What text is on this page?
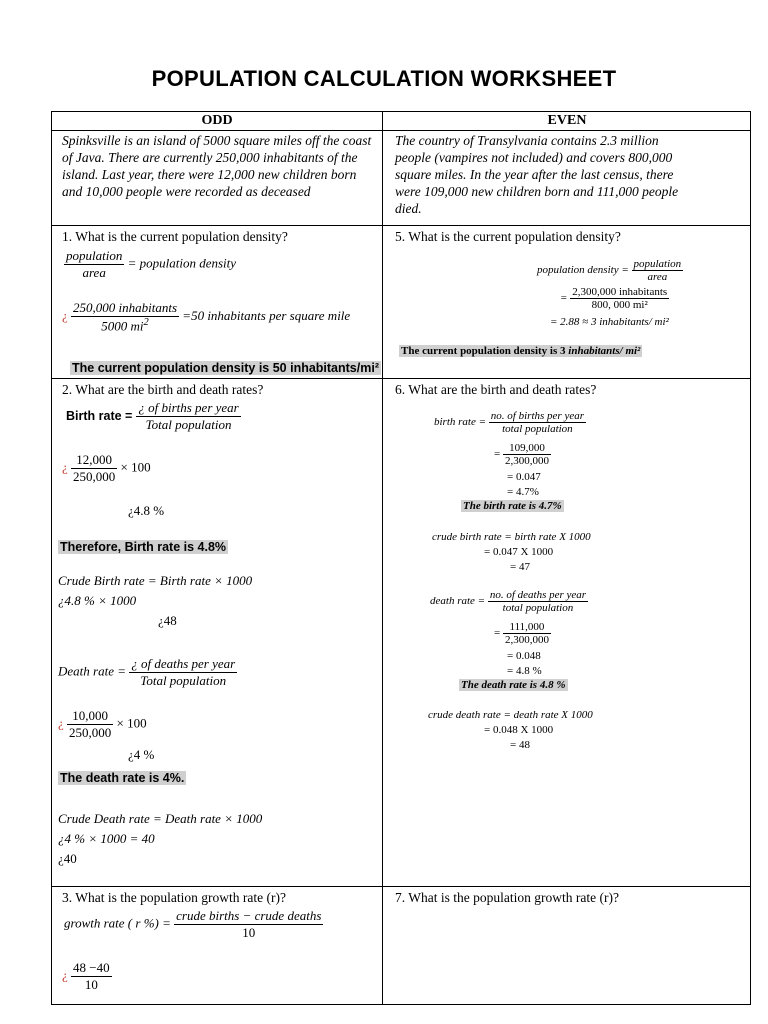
POPULATION CALCULATION WORKSHEET
ODD	EVEN
Spinksville is an island of 5000 square miles off the coast of Java. There are currently 250,000 inhabitants of the island. Last year, there were 12,000 new children born and 10,000 people were recorded as deceased
The country of Transylvania contains 2.3 million people (vampires not included) and covers 800,000 square miles. In the year after the last census, there were 109,000 new children born and 111,000 people died.
1. What is the current population density?
$\frac{\text{population}}{\text{area}}$ = population density
¿ $\frac{\text{250,000 inhabitants}}{5000 mi^2} =50$ inhabitants per square mile
The current population density is 50 inhabitants/mi²
5. What is the current population density?
population density = $\frac{\text{population}}{\text{area}}$
= $\frac{\text{2,300,000 inhabitants}}{\text{800, 000 mi²}}$
= 2.88 ≈ 3 inhabitants/ mi²
The current population density is 3 inhabitants/ mi²
2. What are the birth and death rates?
Birth rate = $\frac{\text{¿ of births per year}}{\text{Total population}}$
¿ $\frac{12,000}{250,000} \times 100$
¿4.8 %
Therefore, Birth rate is 4.8%
Crude Birth rate = Birth rate × 1000
¿4.8 % × 1000
¿48
Death rate = $\frac{\text{¿ of deaths per year}}{\text{Total population}}$
¿ $\frac{10,000}{250,000} \times 100$
¿4 %
The death rate is 4%.
Crude Death rate = Death rate × 1000
¿4 % × 1000 = 40
¿40
6. What are the birth and death rates?
birth rate = $\frac{\text{no. of births per year}}{\text{total population}}$
= $\frac{109,000}{2,300,000}$
= 0.047
= 4.7%
The birth rate is 4.7%
crude birth rate = birth rate X 1000
= 0.047 X 1000
= 47
death rate = $\frac{\text{no. of deaths per year}}{\text{total population}}$
= $\frac{111,000}{2,300,000}$
= 0.048
= 4.8 %
The death rate is 4.8 %
crude death rate = death rate X 1000
= 0.048 X 1000
= 48
3. What is the population growth rate (r)?
growth rate ( r %) = $\frac{\text{crude births − crude deaths}}{10}$
¿ $\frac{48 -40}{10}$
7. What is the population growth rate (r)?
